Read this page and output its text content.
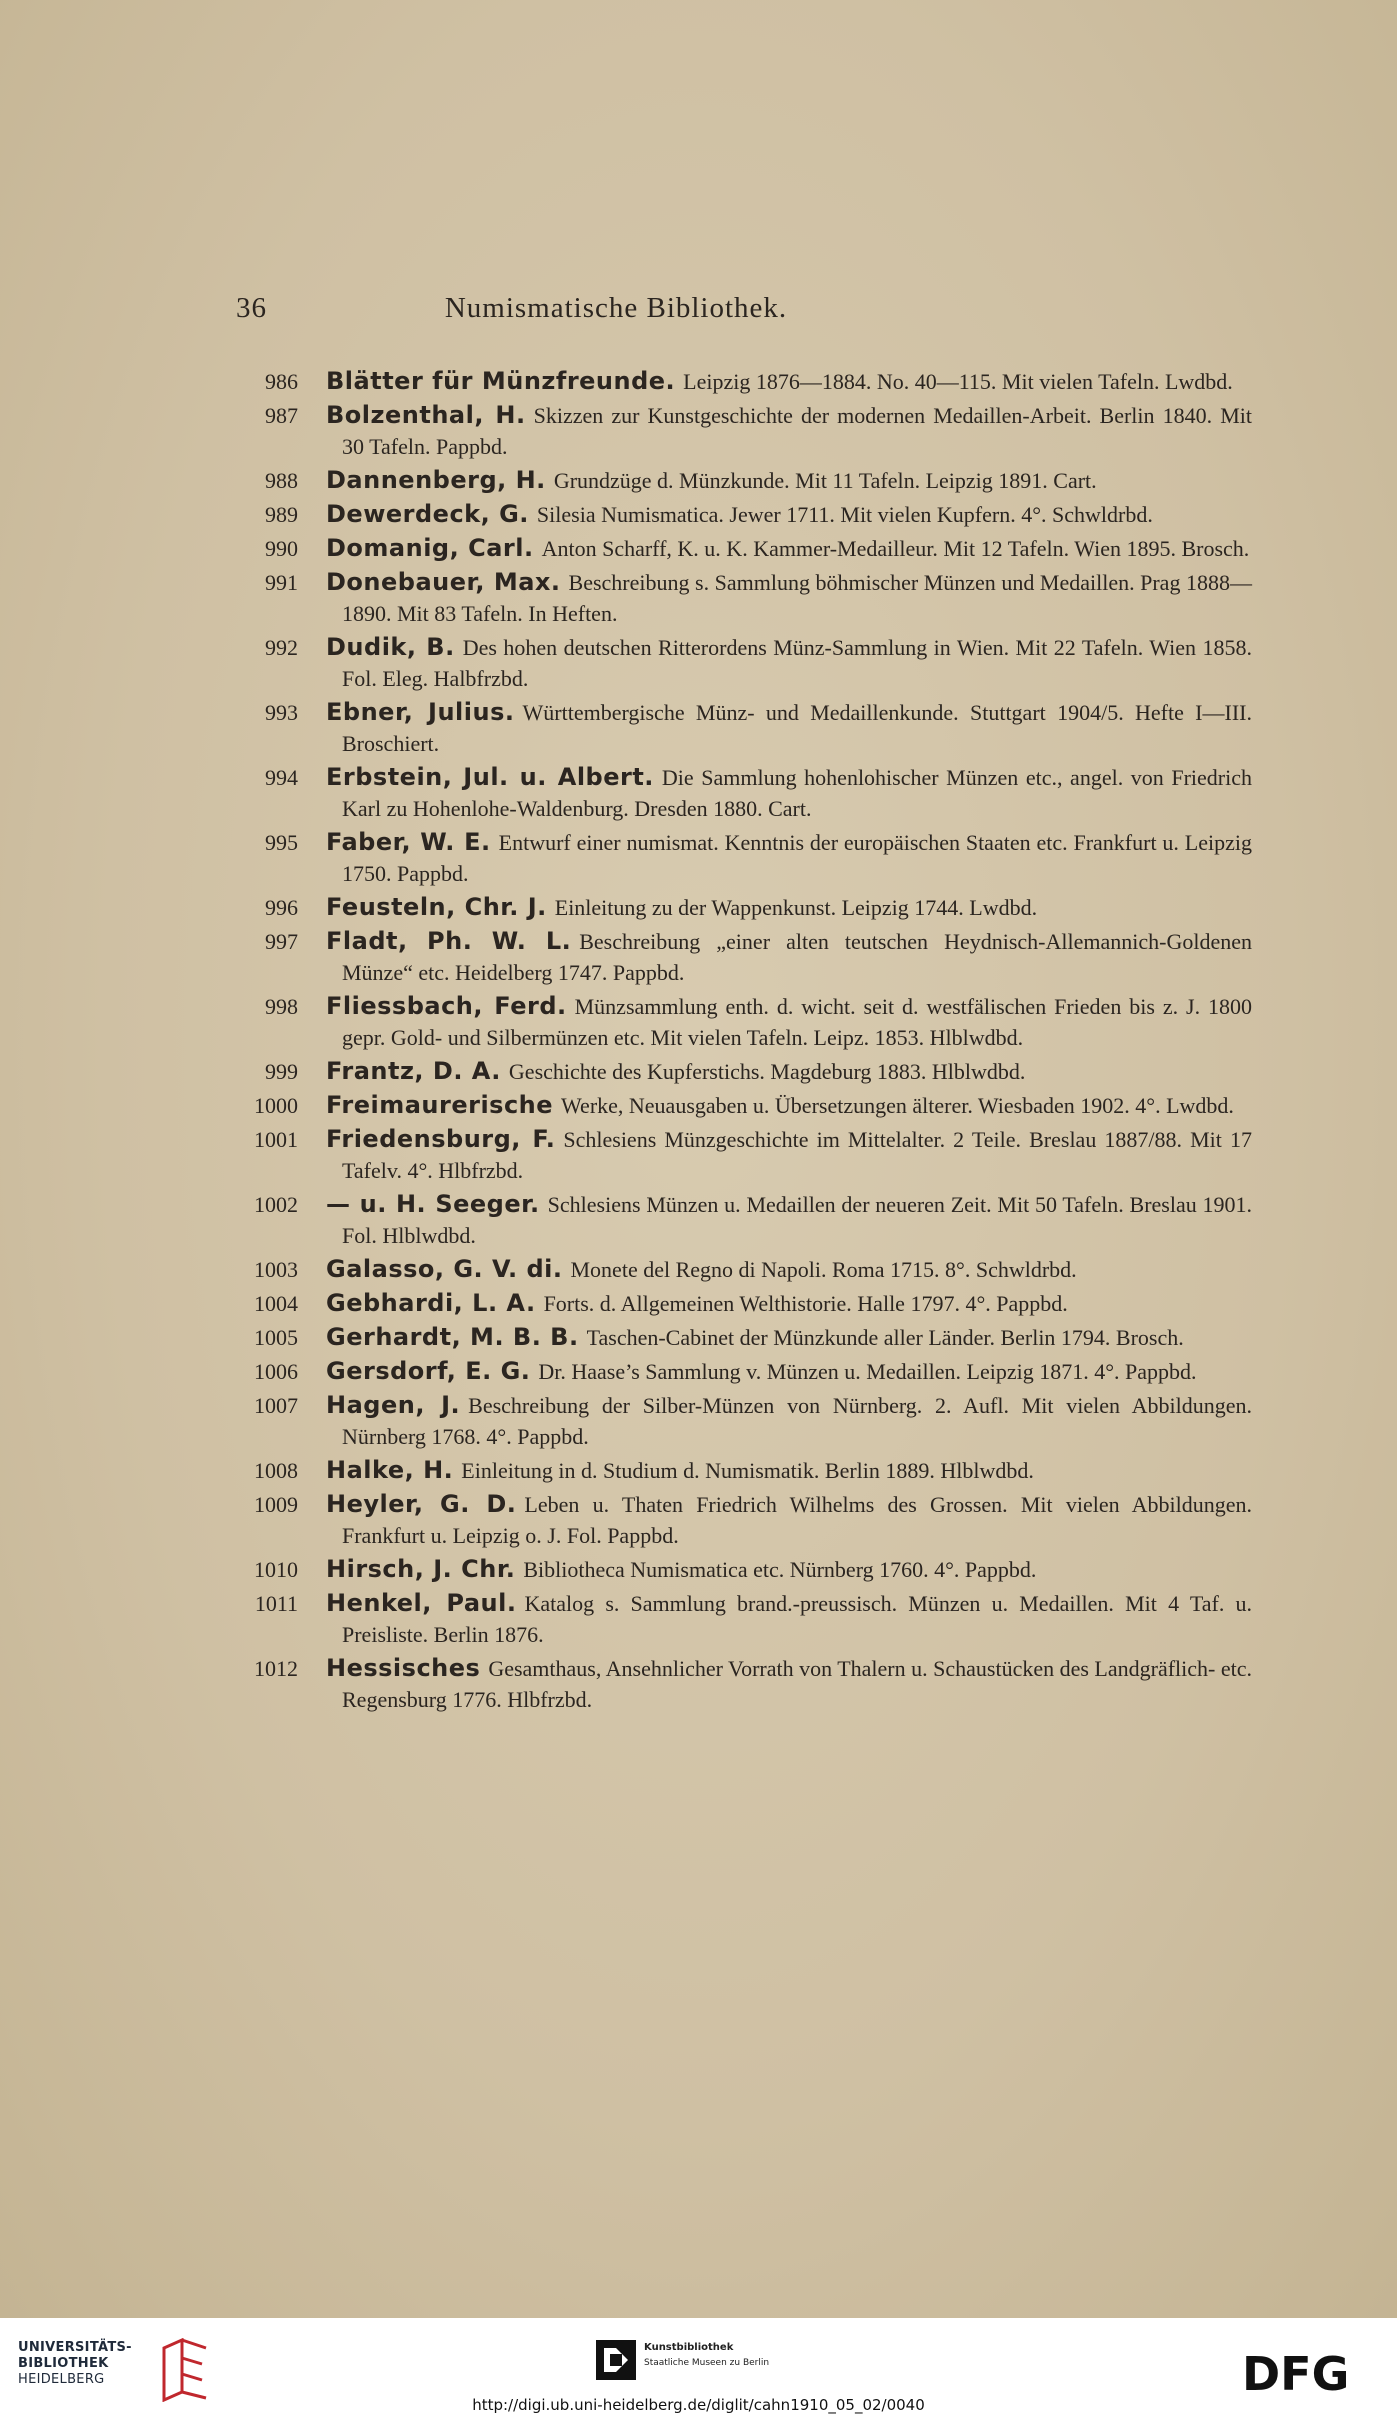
36	Numismatische Bibliothek.
986 Blätter für Münzfreunde. Leipzig 1876—1884. No. 40—115. Mit vielen Tafeln. Lwdbd.
987 Bolzenthal, H. Skizzen zur Kunstgeschichte der modernen Medaillen-Arbeit. Berlin 1840. Mit 30 Tafeln. Pappbd.
988 Dannenberg, H. Grundzüge d. Münzkunde. Mit 11 Tafeln. Leipzig 1891. Cart.
989 Dewerdeck, G. Silesia Numismatica. Jewer 1711. Mit vielen Kupfern. 4°. Schwldrbd.
990 Domanig, Carl. Anton Scharff, K. u. K. Kammer-Medailleur. Mit 12 Tafeln. Wien 1895. Brosch.
991 Donebauer, Max. Beschreibung s. Sammlung böhmischer Münzen und Medaillen. Prag 1888—1890. Mit 83 Tafeln. In Heften.
992 Dudik, B. Des hohen deutschen Ritterordens Münz-Sammlung in Wien. Mit 22 Tafeln. Wien 1858. Fol. Eleg. Halbfrzbd.
993 Ebner, Julius. Württembergische Münz- und Medaillenkunde. Stuttgart 1904/5. Hefte I—III. Broschiert.
994 Erbstein, Jul. u. Albert. Die Sammlung hohenlohischer Münzen etc., angel. von Friedrich Karl zu Hohenlohe-Waldenburg. Dresden 1880. Cart.
995 Faber, W. E. Entwurf einer numismat. Kenntnis der europäischen Staaten etc. Frankfurt u. Leipzig 1750. Pappbd.
996 Feusteln, Chr. J. Einleitung zu der Wappenkunst. Leipzig 1744. Lwdbd.
997 Fladt, Ph. W. L. Beschreibung „einer alten teutschen Heydnisch-Allemannich-Goldenen Münze“ etc. Heidelberg 1747. Pappbd.
998 Fliessbach, Ferd. Münzsammlung enth. d. wicht. seit d. westfälischen Frieden bis z. J. 1800 gepr. Gold- und Silbermünzen etc. Mit vielen Tafeln. Leipz. 1853. Hlblwdbd.
999 Frantz, D. A. Geschichte des Kupferstichs. Magdeburg 1883. Hlblwdbd.
1000 Freimaurerische Werke, Neuausgaben u. Übersetzungen älterer. Wiesbaden 1902. 4°. Lwdbd.
1001 Friedensburg, F. Schlesiens Münzgeschichte im Mittelalter. 2 Teile. Breslau 1887/88. Mit 17 Tafelv. 4°. Hlbfrzbd.
1002 — u. H. Seeger. Schlesiens Münzen u. Medaillen der neueren Zeit. Mit 50 Tafeln. Breslau 1901. Fol. Hlblwdbd.
1003 Galasso, G. V. di. Monete del Regno di Napoli. Roma 1715. 8°. Schwldrbd.
1004 Gebhardi, L. A. Forts. d. Allgemeinen Welthistorie. Halle 1797. 4°. Pappbd.
1005 Gerhardt, M. B. B. Taschen-Cabinet der Münzkunde aller Länder. Berlin 1794. Brosch.
1006 Gersdorf, E. G. Dr. Haase’s Sammlung v. Münzen u. Medaillen. Leipzig 1871. 4°. Pappbd.
1007 Hagen, J. Beschreibung der Silber-Münzen von Nürnberg. 2. Aufl. Mit vielen Abbildungen. Nürnberg 1768. 4°. Pappbd.
1008 Halke, H. Einleitung in d. Studium d. Numismatik. Berlin 1889. Hlblwdbd.
1009 Heyler, G. D. Leben u. Thaten Friedrich Wilhelms des Grossen. Mit vielen Abbildungen. Frankfurt u. Leipzig o. J. Fol. Pappbd.
1010 Hirsch, J. Chr. Bibliotheca Numismatica etc. Nürnberg 1760. 4°. Pappbd.
1011 Henkel, Paul. Katalog s. Sammlung brand.-preussisch. Münzen u. Medaillen. Mit 4 Taf. u. Preisliste. Berlin 1876.
1012 Hessisches Gesamthaus, Ansehnlicher Vorrath von Thalern u. Schaustücken des Landgräflich- etc. Regensburg 1776. Hlbfrzbd.
UNIVERSITÄTS-
BIBLIOTHEK
HEIDELBERG
Kunstbibliothek
Staatliche Museen zu Berlin	DFG
http://digi.ub.uni-heidelberg.de/diglit/cahn1910_05_02/0040
